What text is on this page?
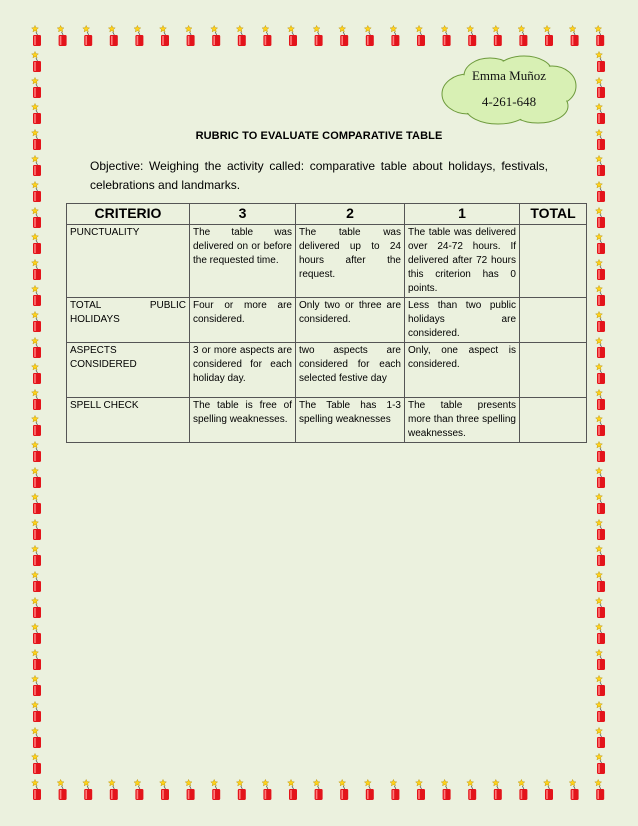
Emma Muñoz
4-261-648
RUBRIC TO EVALUATE COMPARATIVE TABLE
Objective: Weighing the activity called: comparative table about holidays, festivals, celebrations and landmarks.
CRITERIO	3	2	1	TOTAL
PUNCTUALITY	The table was delivered on or before the requested time.	The table was delivered up to 24 hours after the request.	The table was delivered over 24-72 hours. If delivered after 72 hours this criterion has 0 points.	
TOTAL PUBLIC HOLIDAYS	Four or more are considered.	Only two or three are considered.	Less than two public holidays are considered.	
ASPECTS CONSIDERED	3 or more aspects are considered for each holiday day.	two aspects are considered for each selected festive day	Only, one aspect is considered.	
SPELL CHECK	The table is free of spelling weaknesses.	The Table has 1-3 spelling weaknesses	The table presents more than three spelling weaknesses.	
